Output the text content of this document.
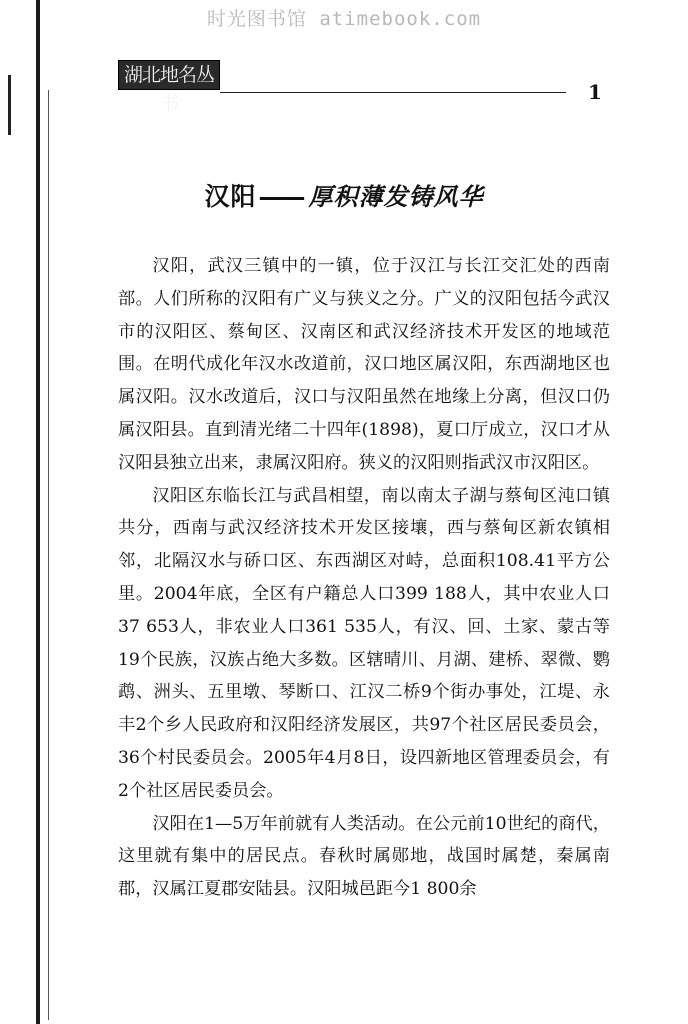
时光图书馆 atimebook.com
湖北地名丛书	1
汉阳—— 厚积薄发铸风华

汉阳，武汉三镇中的一镇，位于汉江与长江交汇处的西南部。人们所称的汉阳有广义与狭义之分。广义的汉阳包括今武汉市的汉阳区、蔡甸区、汉南区和武汉经济技术开发区的地域范围。在明代成化年汉水改道前，汉口地区属汉阳，东西湖地区也属汉阳。汉水改道后，汉口与汉阳虽然在地缘上分离，但汉口仍属汉阳县。直到清光绪二十四年(1898)，夏口厅成立，汉口才从汉阳县独立出来，隶属汉阳府。狭义的汉阳则指武汉市汉阳区。

汉阳区东临长江与武昌相望，南以南太子湖与蔡甸区沌口镇共分，西南与武汉经济技术开发区接壤，西与蔡甸区新农镇相邻，北隔汉水与硚口区、东西湖区对峙，总面积108.41平方公里。2004年底，全区有户籍总人口399 188人，其中农业人口37 653人，非农业人口361 535人，有汉、回、土家、蒙古等19个民族，汉族占绝大多数。区辖晴川、月湖、建桥、翠微、鹦鹉、洲头、五里墩、琴断口、江汉二桥9个街办事处，江堤、永丰2个乡人民政府和汉阳经济发展区，共97个社区居民委员会，36个村民委员会。2005年4月8日，设四新地区管理委员会，有2个社区居民委员会。

汉阳在1—5万年前就有人类活动。在公元前10世纪的商代，这里就有集中的居民点。春秋时属郧地，战国时属楚，秦属南郡，汉属江夏郡安陆县。汉阳城邑距今1 800余
